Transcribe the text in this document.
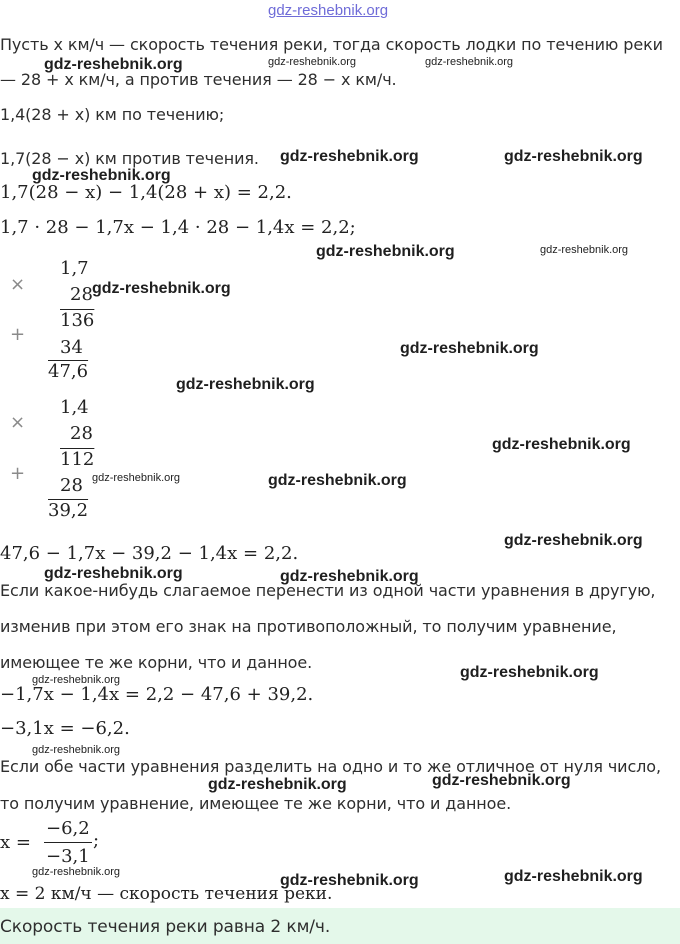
gdz-reshebnik.org
Пусть x км/ч — скорость течения реки, тогда скорость лодки по течению реки
— 28 + x км/ч, а против течения — 28 − x км/ч.
1,4(28 + x) км по течению;
1,7(28 − x) км против течения.
1,7(28 − x) − 1,4(28 + x) = 2,2.
1,7 · 28 − 1,7x − 1,4 · 28 − 1,4x = 2,2;
×
1,7
28
136
+
34
47,6
×
1,4
28
112
+
28
39,2
47,6 − 1,7x − 39,2 − 1,4x = 2,2.
Если какое-нибудь слагаемое перенести из одной части уравнения в другую,
изменив при этом его знак на противоположный, то получим уравнение,
имеющее те же корни, что и данное.
−1,7x − 1,4x = 2,2 − 47,6 + 39,2.
−3,1x = −6,2.
Если обе части уравнения разделить на одно и то же отличное от нуля число,
то получим уравнение, имеющее те же корни, что и данное.
x =
−6,2
−3,1
;
x = 2 км/ч — скорость течения реки.
Скорость течения реки равна 2 км/ч.
gdz-reshebnik.org	gdz-reshebnik.org	gdz-reshebnik.org
gdz-reshebnik.org	gdz-reshebnik.org
gdz-reshebnik.org
gdz-reshebnik.org	gdz-reshebnik.org
gdz-reshebnik.org
gdz-reshebnik.org
gdz-reshebnik.org
gdz-reshebnik.org
gdz-reshebnik.org	gdz-reshebnik.org
gdz-reshebnik.org
gdz-reshebnik.org	gdz-reshebnik.org
gdz-reshebnik.org
gdz-reshebnik.org
gdz-reshebnik.org
gdz-reshebnik.org
gdz-reshebnik.org
gdz-reshebnik.org	gdz-reshebnik.org
gdz-reshebnik.org
